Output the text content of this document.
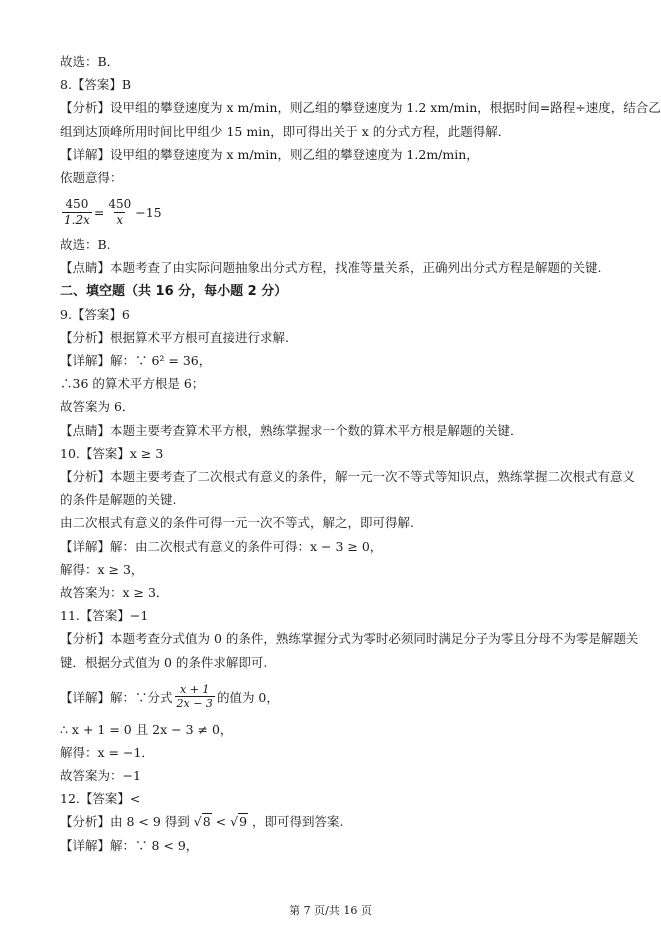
故选：B．
8.【答案】B
【分析】设甲组的攀登速度为 x m/min，则乙组的攀登速度为 1.2 xm/min，根据时间=路程÷速度，结合乙
组到达顶峰所用时间比甲组少 15 min，即可得出关于 x 的分式方程，此题得解．
【详解】设甲组的攀登速度为 x m/min，则乙组的攀登速度为 1.2m/min，
依题意得：
$\frac{450}{1.2x} = \frac{450}{x} -15$
故选：B.
【点睛】本题考查了由实际问题抽象出分式方程，找准等量关系，正确列出分式方程是解题的关键.
二、填空题（共 16 分，每小题 2 分）
9.【答案】6
【分析】根据算术平方根可直接进行求解.
【详解】解：∵ 6² = 36，
∴36 的算术平方根是 6；
故答案为 6．
【点睛】本题主要考查算术平方根，熟练掌握求一个数的算术平方根是解题的关键．
10.【答案】x ≥ 3
【分析】本题主要考查了二次根式有意义的条件，解一元一次不等式等知识点，熟练掌握二次根式有意义
的条件是解题的关键.
由二次根式有意义的条件可得一元一次不等式，解之，即可得解.
【详解】解：由二次根式有意义的条件可得：x − 3 ≥ 0，
解得：x ≥ 3，
故答案为：x ≥ 3．
11.【答案】−1
【分析】本题考查分式值为 0 的条件，熟练掌握分式为零时必须同时满足分子为零且分母不为零是解题关
键．根据分式值为 0 的条件求解即可.
【详解】解：∵分式 $\frac{x + 1}{2x - 3}$ 的值为 0，
∴ x + 1 = 0 且 2x − 3 ≠ 0，
解得：x = −1．
故答案为：−1
12.【答案】<
【分析】由 8 < 9 得到 √8 < √9 ，即可得到答案.
【详解】解：∵ 8 < 9，
第 7 页/共 16 页
